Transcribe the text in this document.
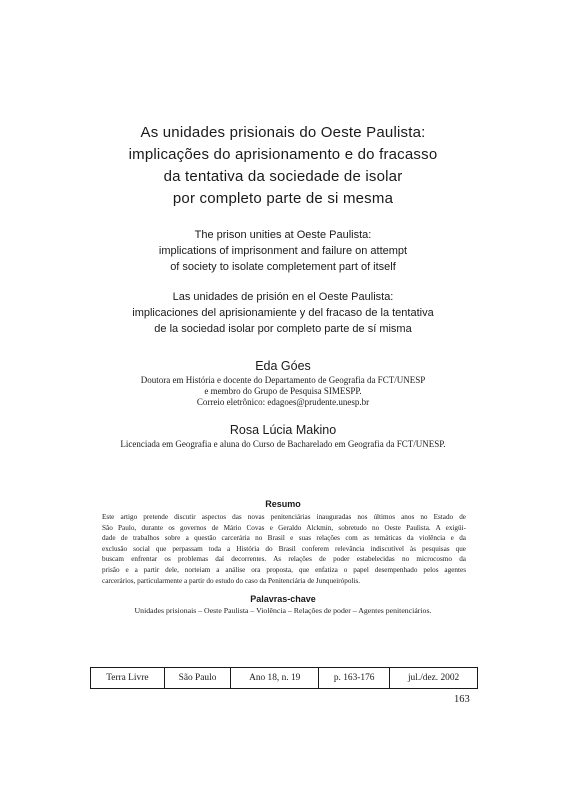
As unidades prisionais do Oeste Paulista:
implicações do aprisionamento e do fracasso
da tentativa da sociedade de isolar
por completo parte de si mesma
The prison unities at Oeste Paulista:
implications of imprisonment and failure on attempt
of society to isolate completement part of itself
Las unidades de prisión en el Oeste Paulista:
implicaciones del aprisionamiente y del fracaso de la tentativa
de la sociedad isolar por completo parte de sí misma
Eda Góes
Doutora em História e docente do Departamento de Geografia da FCT/UNESP
e membro do Grupo de Pesquisa SIMESPP.
Correio eletrônico: edagoes@prudente.unesp.br
Rosa Lúcia Makino
Licenciada em Geografia e aluna do Curso de Bacharelado em Geografia da FCT/UNESP.
Resumo
Este artigo pretende discutir aspectos das novas penitenciárias inauguradas nos últimos anos no Estado de
São Paulo, durante os governos de Mário Covas e Geraldo Alckmin, sobretudo no Oeste Paulista. A exigüi-
dade de trabalhos sobre a questão carcerária no Brasil e suas relações com as temáticas da violência e da
exclusão social que perpassam toda a História do Brasil conferem relevância indiscutível às pesquisas que
buscam enfrentar os problemas daí decorrentes. As relações de poder estabelecidas no microcosmo da
prisão e a partir dele, norteiam a análise ora proposta, que enfatiza o papel desempenhado pelos agentes
carcerários, particularmente a partir do estudo do caso da Penitenciária de Junqueirópolis.
Palavras-chave
Unidades prisionais – Oeste Paulista – Violência – Relações de poder – Agentes penitenciários.
Terra Livre	São Paulo	Ano 18, n. 19	p. 163-176	jul./dez. 2002
163
